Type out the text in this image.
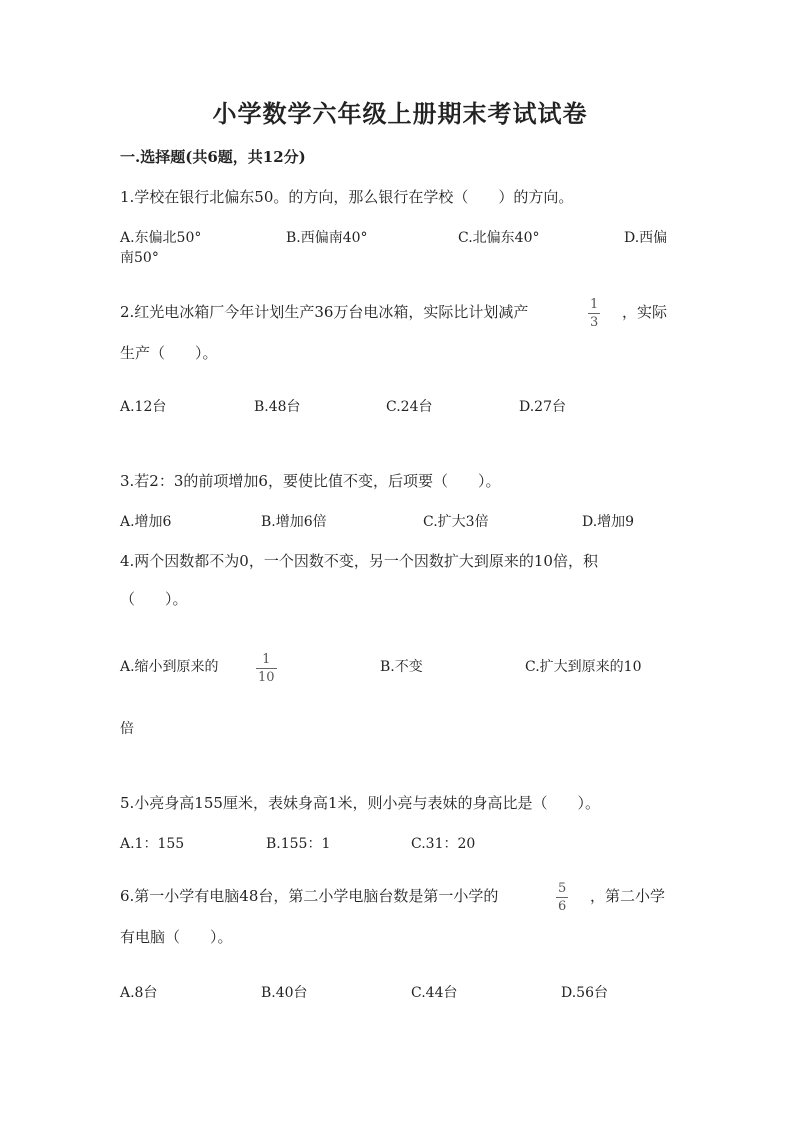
小学数学六年级上册期末考试试卷
一.选择题(共6题，共12分)
1.学校在银行北偏东50。的方向，那么银行在学校（　　）的方向。
A.东偏北50°	B.西偏南40°	C.北偏东40°	D.西偏
南50°
2.红光电冰箱厂今年计划生产36万台电冰箱，实际比计划减产	1
3
，实际
生产（　　）。
A.12台	B.48台	C.24台	D.27台
3.若2：3的前项增加6，要使比值不变，后项要（　　）。
A.增加6	B.增加6倍	C.扩大3倍	D.增加9
4.两个因数都不为0，一个因数不变，另一个因数扩大到原来的10倍，积
（　　）。
A.缩小到原来的	1
10
B.不变	C.扩大到原来的10
倍
5.小亮身高155厘米，表妹身高1米，则小亮与表妹的身高比是（　　）。
A.1：155	B.155：1	C.31：20
6.第一小学有电脑48台，第二小学电脑台数是第一小学的	5
6
，第二小学
有电脑（　　）。
A.8台	B.40台	C.44台	D.56台
